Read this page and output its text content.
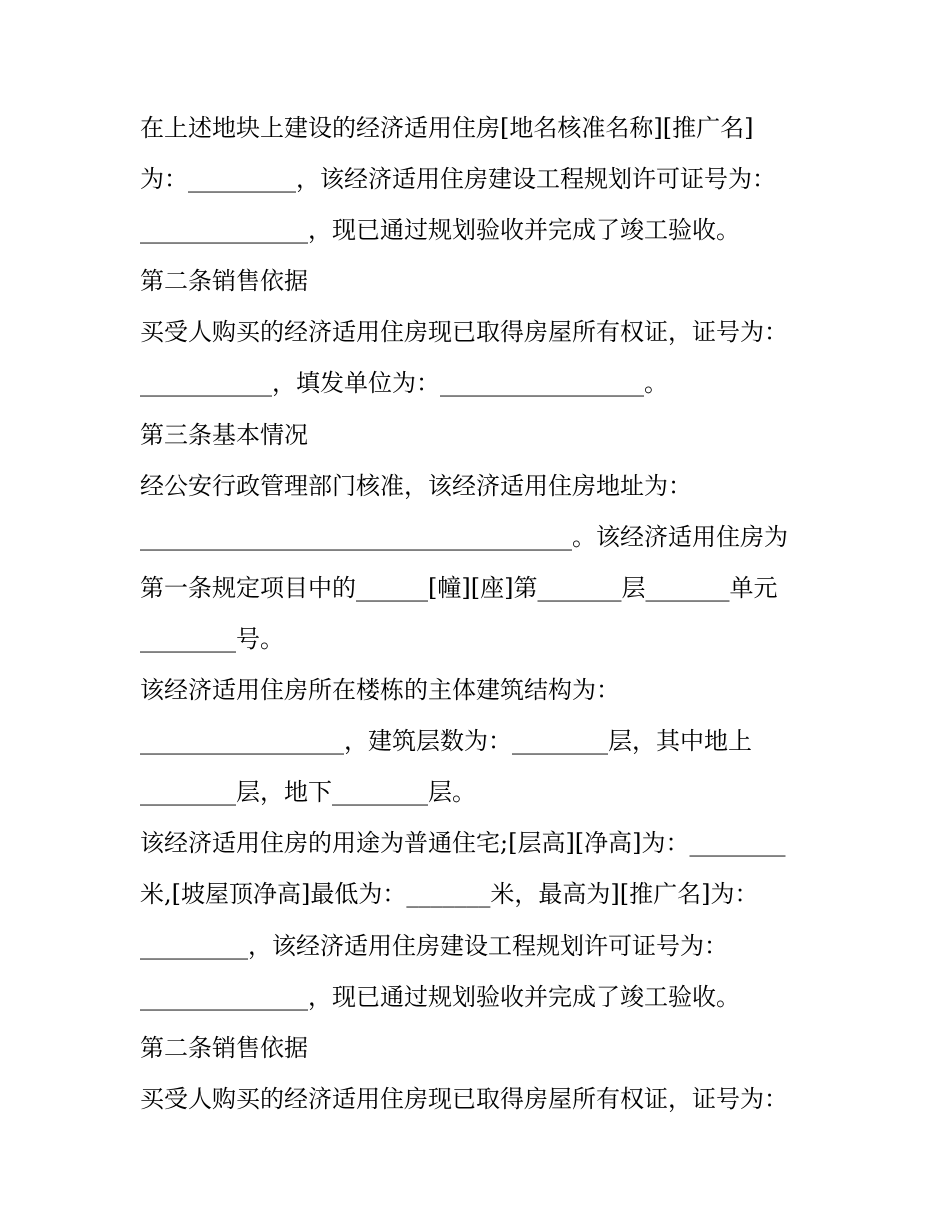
在上述地块上建设的经济适用住房[地名核准名称][推广名]
为：_________，该经济适用住房建设工程规划许可证号为：
______________，现已通过规划验收并完成了竣工验收。
第二条销售依据
买受人购买的经济适用住房现已取得房屋所有权证，证号为：
___________，填发单位为：_________________。
第三条基本情况
经公安行政管理部门核准，该经济适用住房地址为：
____________________________________。该经济适用住房为
第一条规定项目中的______[幢][座]第_______层_______单元
________号。
该经济适用住房所在楼栋的主体建筑结构为：
_________________，建筑层数为：________层，其中地上
________层，地下________层。
该经济适用住房的用途为普通住宅;[层高][净高]为：________
米,[坡屋顶净高]最低为：_______米，最高为][推广名]为：
_________，该经济适用住房建设工程规划许可证号为：
______________，现已通过规划验收并完成了竣工验收。
第二条销售依据
买受人购买的经济适用住房现已取得房屋所有权证，证号为：
